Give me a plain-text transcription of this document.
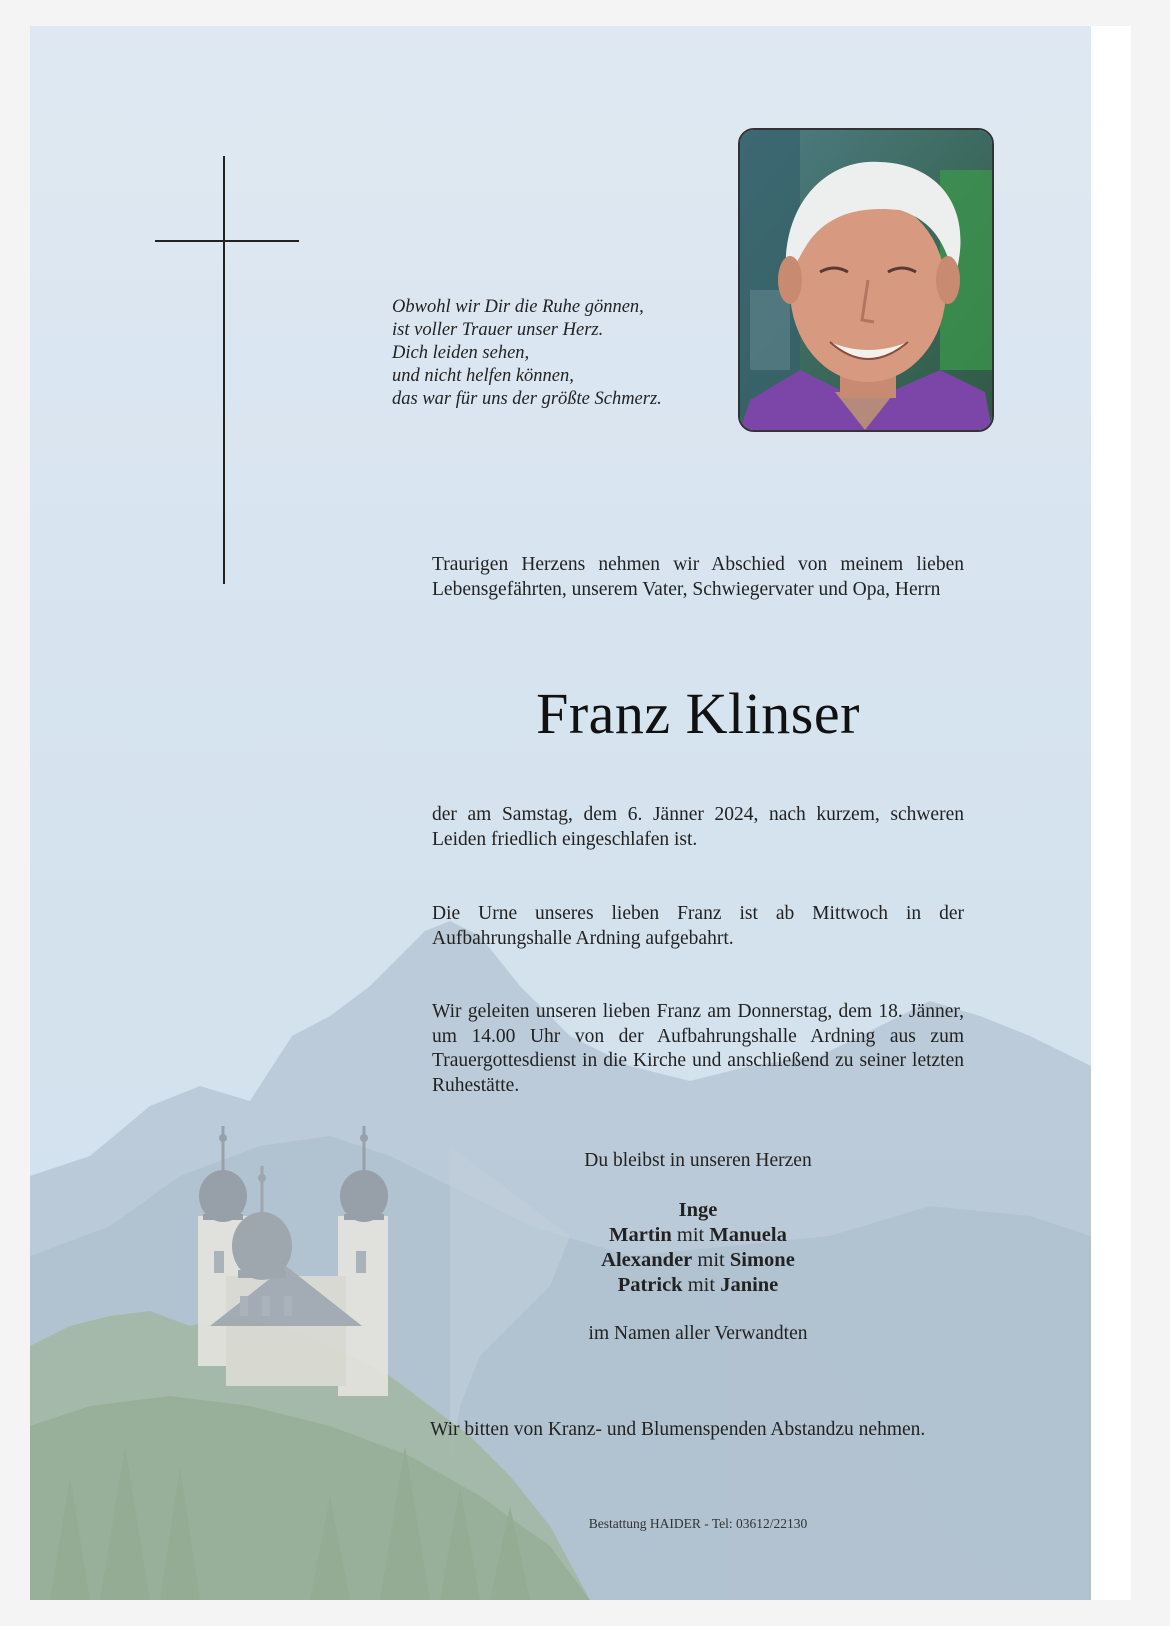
Obwohl wir Dir die Ruhe gönnen,
ist voller Trauer unser Herz.
Dich leiden sehen,
und nicht helfen können,
das war für uns der größte Schmerz.
Traurigen Herzens nehmen wir Abschied von meinem lieben Lebensgefährten, unserem Vater, Schwiegervater und Opa, Herrn
Franz Klinser
der am Samstag, dem 6. Jänner 2024, nach kurzem, schweren Leiden friedlich eingeschlafen ist.
Die Urne unseres lieben Franz ist ab Mittwoch in der Aufbahrungshalle Ardning aufgebahrt.
Wir geleiten unseren lieben Franz am Donnerstag, dem 18. Jänner, um 14.00 Uhr von der Aufbahrungshalle Ardning aus zum Trauergottesdienst in die Kirche und anschließend zu seiner letzten Ruhestätte.
Du bleibst in unseren Herzen
Inge
Martin mit Manuela
Alexander mit Simone
Patrick mit Janine
im Namen aller Verwandten
Wir bitten von Kranz- und Blumenspenden Abstandzu nehmen.
Bestattung HAIDER - Tel: 03612/22130
